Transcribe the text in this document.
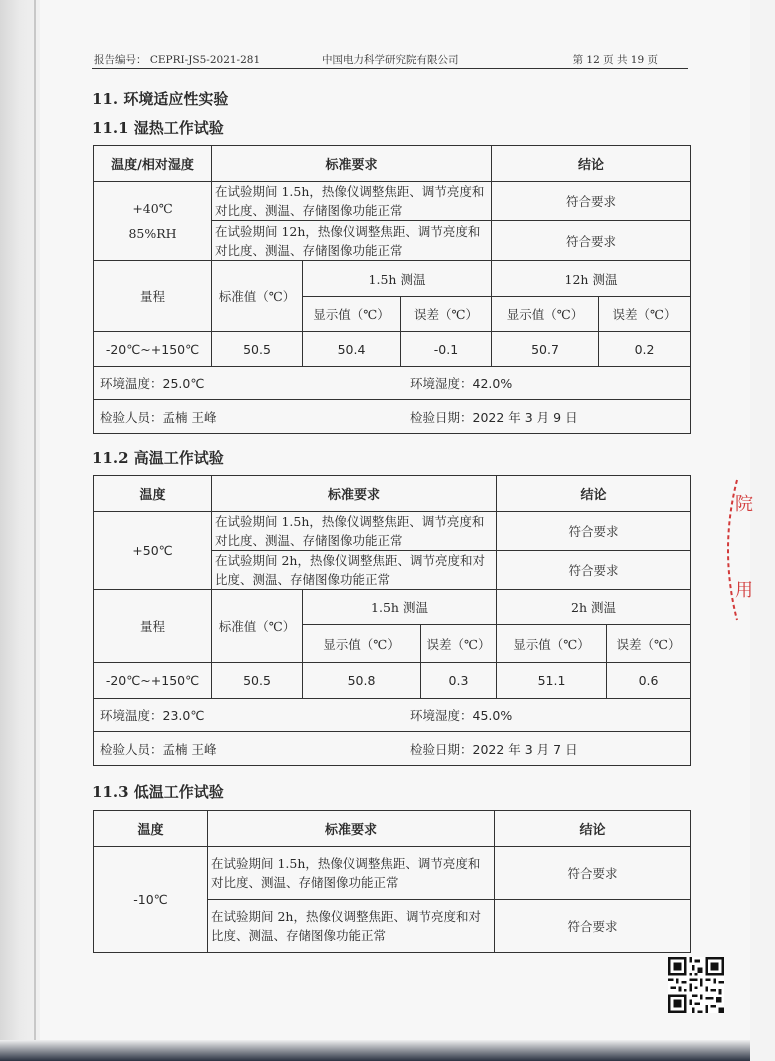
报告编号： CEPRI-JS5-2021-281	中国电力科学研究院有限公司	第 12 页 共 19 页
11. 环境适应性实验
11.1 湿热工作试验
温度/相对湿度	标准要求			结论	

+40℃
85%RH	在试验期间 1.5h，热像仪调整焦距、调节亮度和对比度、测温、存储图像功能正常			符合要求	
	在试验期间 12h，热像仪调整焦距、调节亮度和对比度、测温、存储图像功能正常			符合要求	
量程	标准值（℃）	1.5h 测温		12h 测温	
		显示值（℃）	误差（℃）	显示值（℃）	误差（℃）
-20℃~+150℃	50.5	50.4	-0.1	50.7	0.2
环境温度：25.0℃ 环境湿度：42.0%					

检验人员：孟楠 王峰 检验日期：2022 年 3 月 9 日					
11.2 高温工作试验
温度	标准要求			结论	
+50℃	在试验期间 1.5h，热像仪调整焦距、调节亮度和对比度、测温、存储图像功能正常			符合要求	
	在试验期间 2h，热像仪调整焦距、调节亮度和对比度、测温、存储图像功能正常			符合要求	
量程	标准值（℃）	1.5h 测温		2h 测温	
		显示值（℃）	误差（℃）	显示值（℃）	误差（℃）
-20℃~+150℃	50.5	50.8	0.3	51.1	0.6
环境温度：23.0℃ 环境湿度：45.0%					

检验人员：孟楠 王峰 检验日期：2022 年 3 月 7 日					
11.3 低温工作试验
温度	标准要求	结论
-10℃	在试验期间 1.5h，热像仪调整焦距、调节亮度和对比度、测温、存储图像功能正常	符合要求
	在试验期间 2h，热像仪调整焦距、调节亮度和对比度、测温、存储图像功能正常	符合要求
院
用
